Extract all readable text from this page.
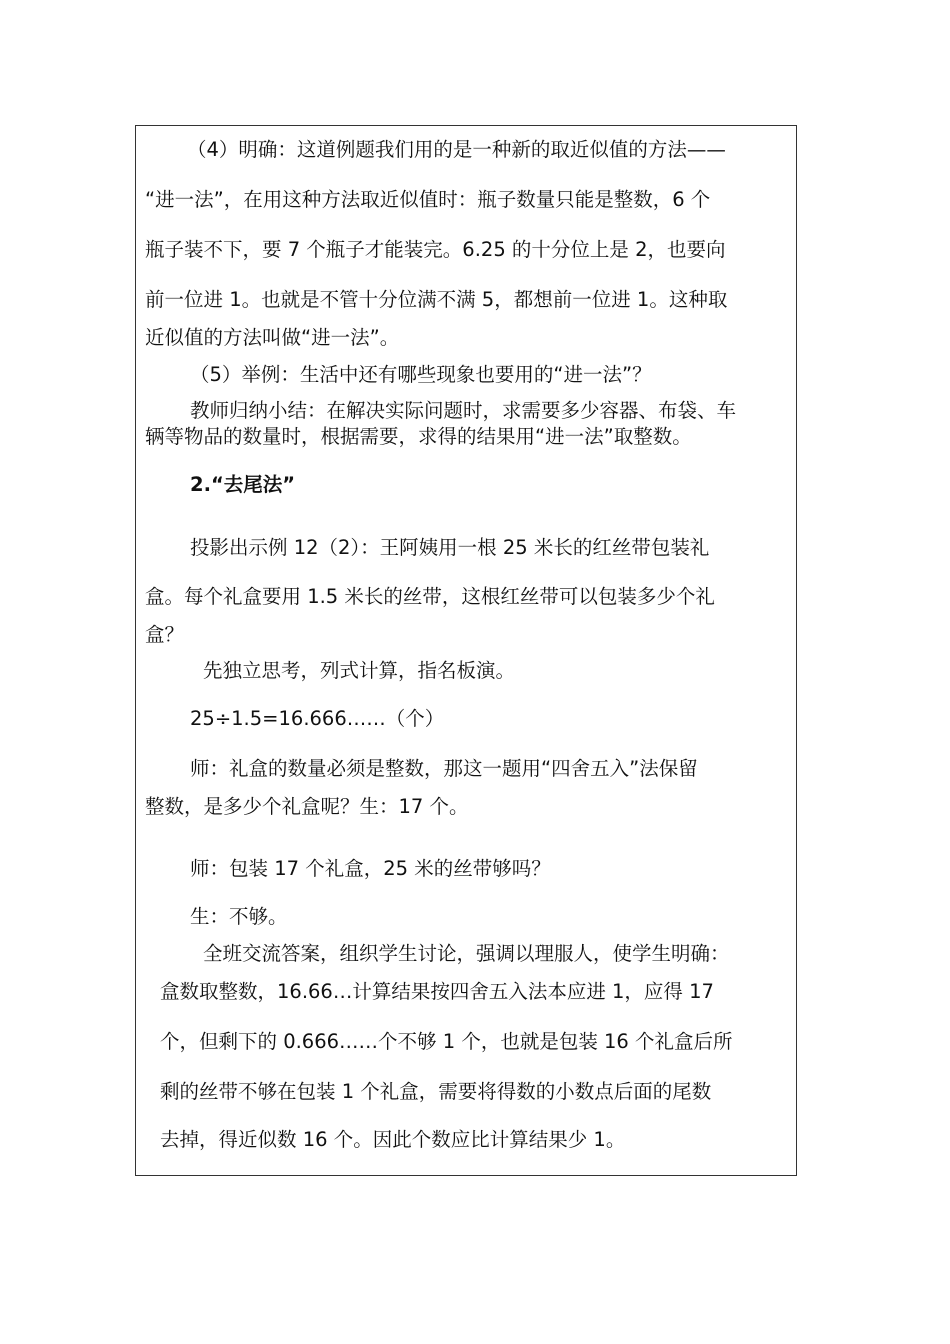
（4）明确：这道例题我们用的是一种新的取近似值的方法——

“进一法”，在用这种方法取近似值时：瓶子数量只能是整数，6 个

瓶子装不下，要 7 个瓶子才能装完。6.25 的十分位上是 2，也要向

前一位进 1。也就是不管十分位满不满 5，都想前一位进 1。这种取

近似值的方法叫做“进一法”。

（5）举例：生活中还有哪些现象也要用的“进一法”？

教师归纳小结：在解决实际问题时，求需要多少容器、布袋、车

辆等物品的数量时，根据需要，求得的结果用“进一法”取整数。

2.“去尾法”

投影出示例 12（2）：王阿姨用一根 25 米长的红丝带包装礼

盒。每个礼盒要用 1.5 米长的丝带，这根红丝带可以包装多少个礼

盒？

先独立思考，列式计算，指名板演。

25÷1.5=16.666……（个）

师：礼盒的数量必须是整数，那这一题用“四舍五入”法保留

整数，是多少个礼盒呢？生：17 个。

师：包装 17 个礼盒，25 米的丝带够吗？

生：不够。

全班交流答案，组织学生讨论，强调以理服人，使学生明确：

盒数取整数，16.66…计算结果按四舍五入法本应进 1，应得 17

个，但剩下的 0.666……个不够 1 个，也就是包装 16 个礼盒后所

剩的丝带不够在包装 1 个礼盒，需要将得数的小数点后面的尾数

去掉，得近似数 16 个。因此个数应比计算结果少 1。
